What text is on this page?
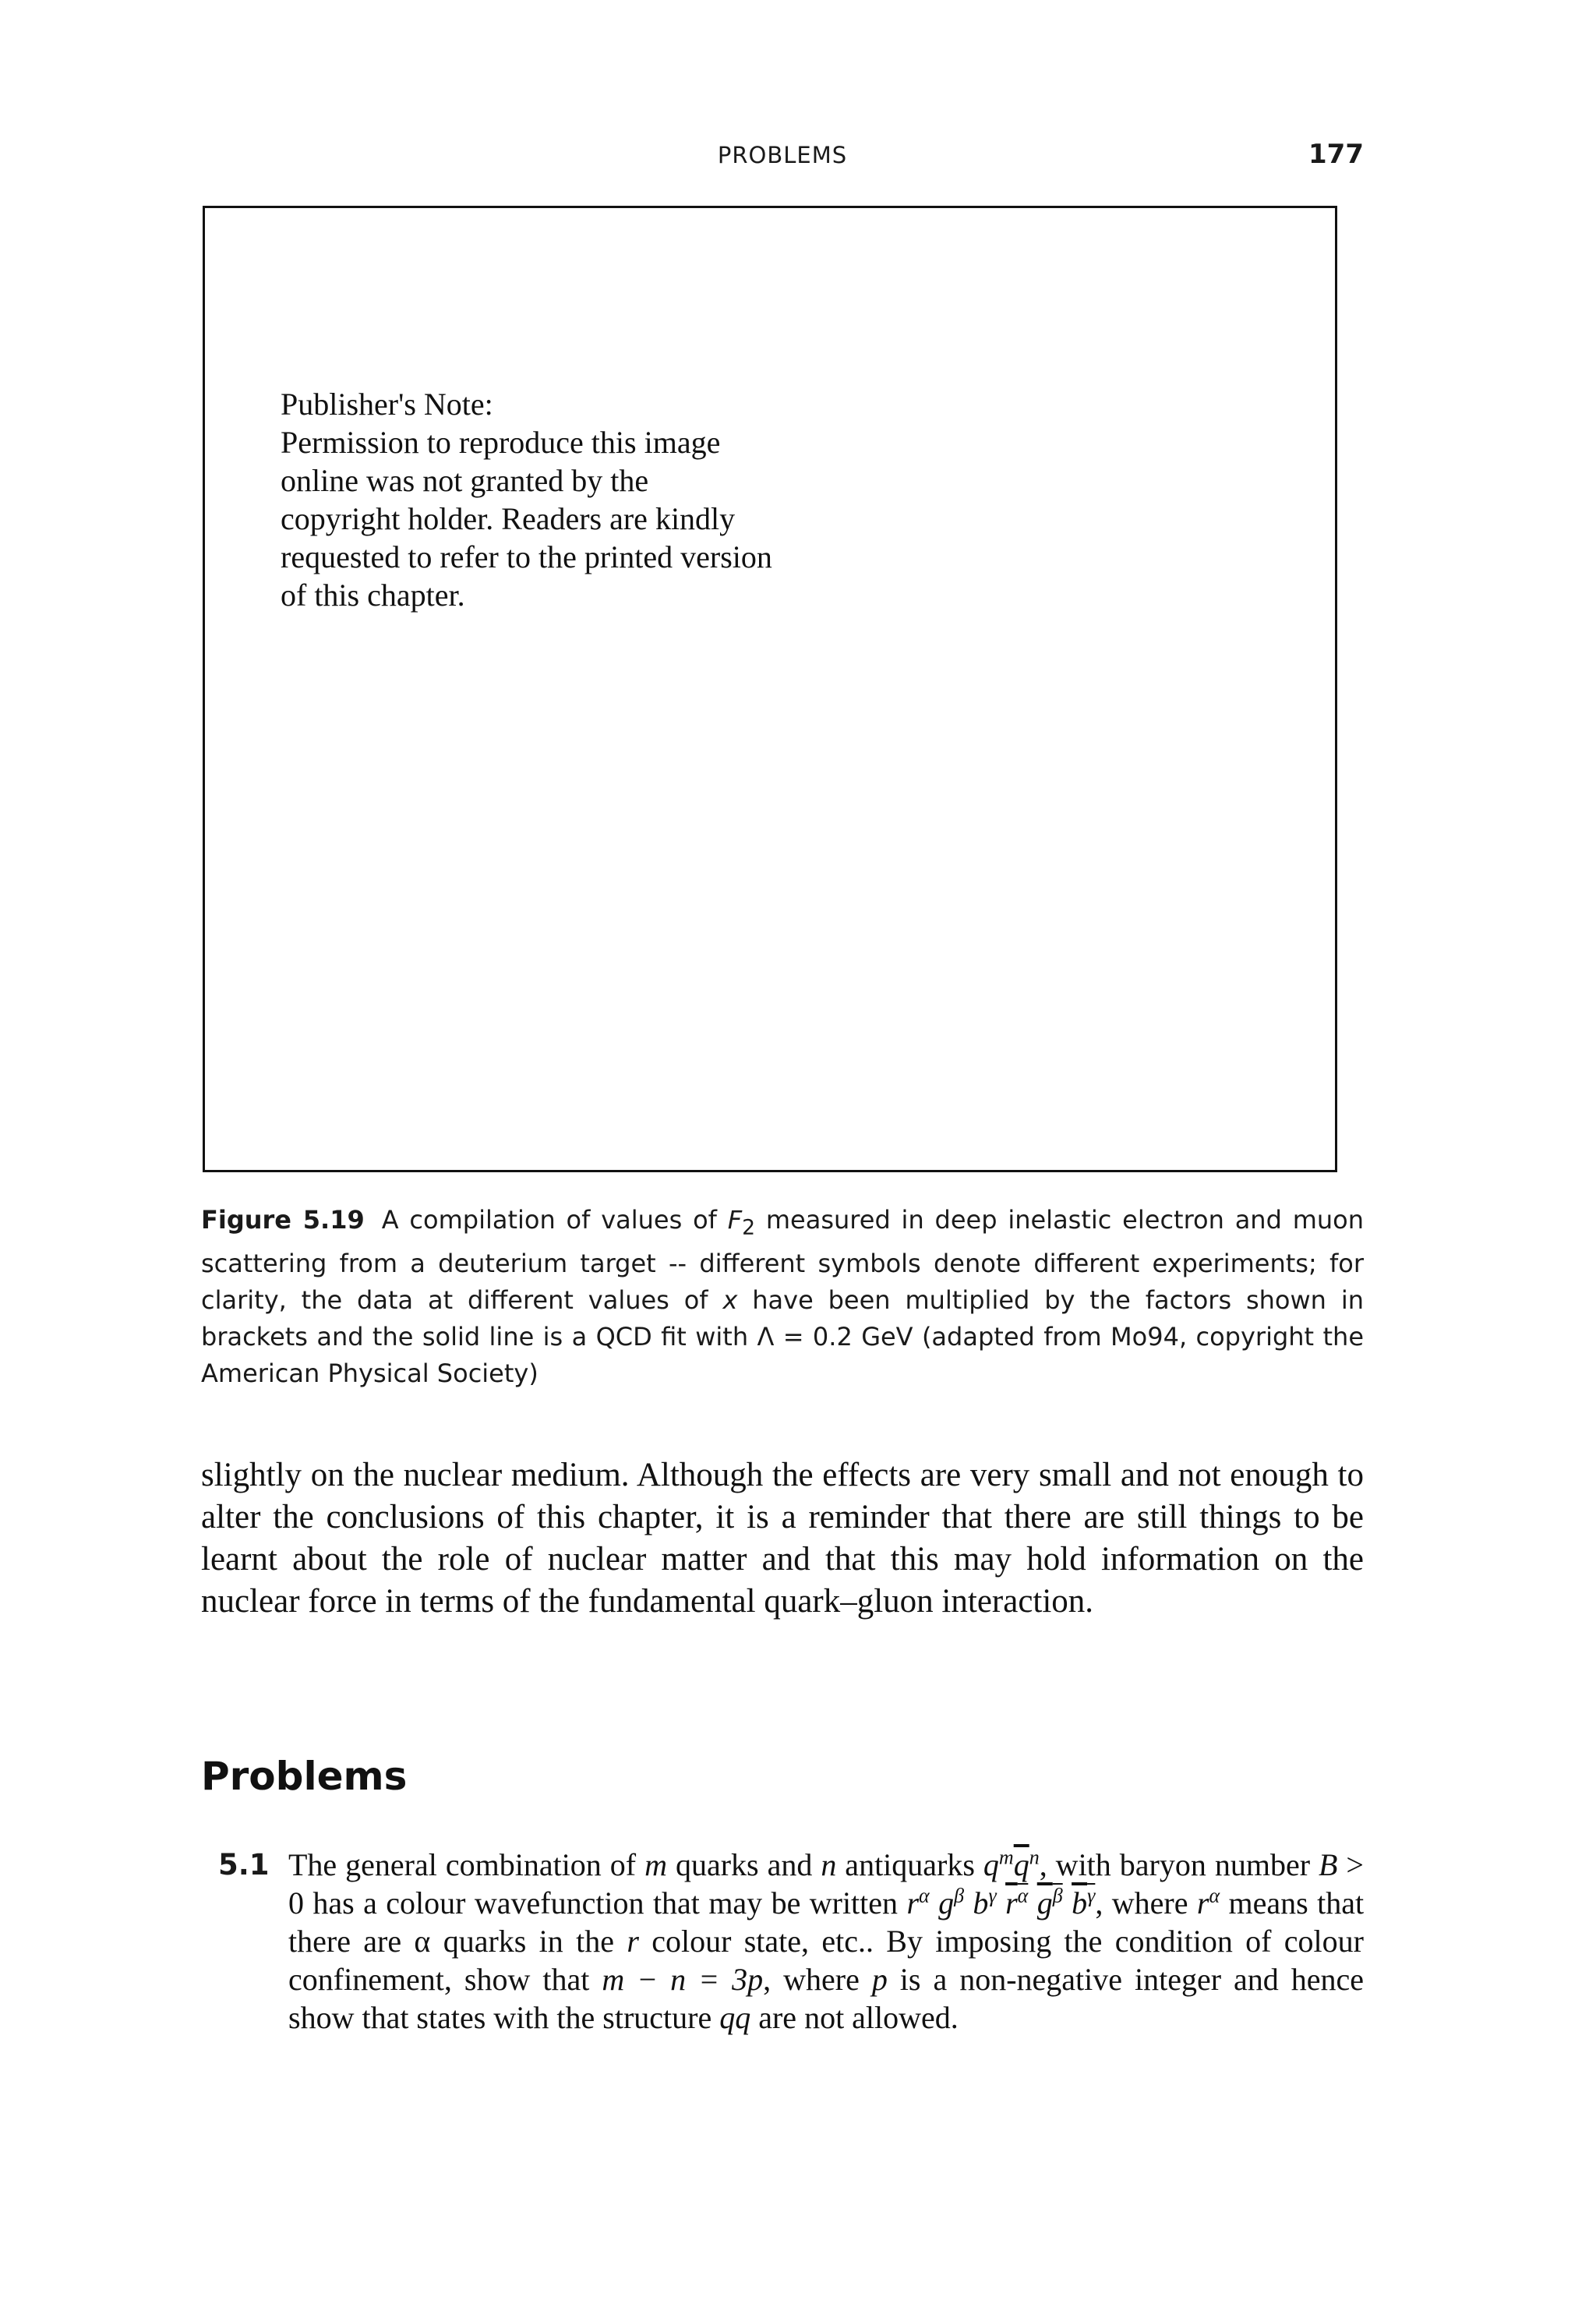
PROBLEMS	177
Publisher's Note:
Permission to reproduce this image
online was not granted by the
copyright holder. Readers are kindly
requested to refer to the printed version
of this chapter.
Figure 5.19 A compilation of values of $F_2$ measured in deep inelastic electron and muon scattering from a deuterium target -- different symbols denote different experiments; for clarity, the data at different values of x have been multiplied by the factors shown in brackets and the solid line is a QCD fit with Λ = 0.2 GeV (adapted from Mo94, copyright the American Physical Society)
slightly on the nuclear medium. Although the effects are very small and not enough to alter the conclusions of this chapter, it is a reminder that there are still things to be learnt about the role of nuclear matter and that this may hold information on the nuclear force in terms of the fundamental quark–gluon interaction.
Problems
5.1 The general combination of m quarks and n antiquarks $q^m\overline{q}^n$, with baryon number B > 0 has a colour wavefunction that may be written $r^\alpha$ $g^\beta$ $b^\gamma$ $\overline{r}^{\overline{\alpha}}$ $\overline{g}^{\overline{\beta}}$ $\overline{b}^{\overline{\gamma}}$, where $r^\alpha$ means that there are α quarks in the r colour state, etc.. By imposing the condition of colour confinement, show that m − n = 3p, where p is a non-negative integer and hence show that states with the structure qq are not allowed.
